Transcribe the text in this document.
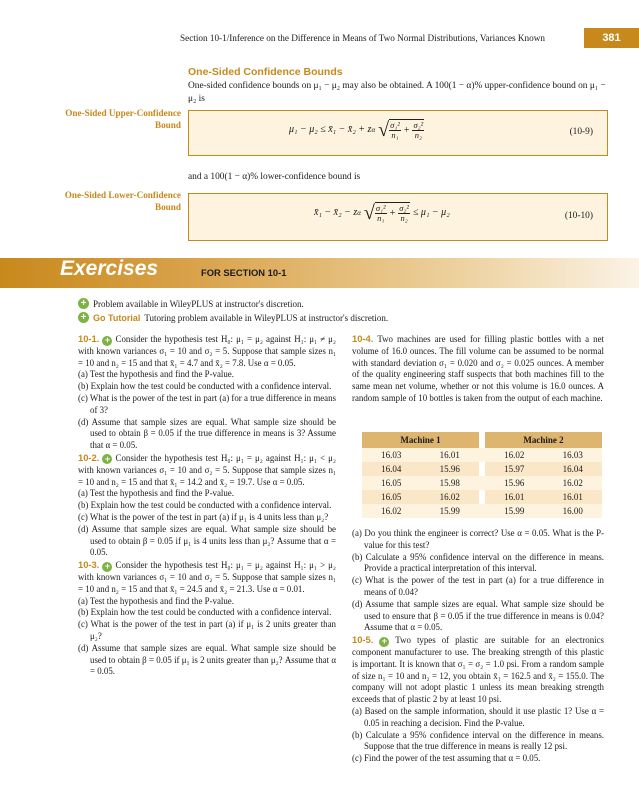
Section 10-1/Inference on the Difference in Means of Two Normal Distributions, Variances Known	381
One-Sided Confidence Bounds
One-sided confidence bounds on μ₁ − μ₂ may also be obtained. A 100(1 − α)% upper-confidence bound on μ₁ − μ₂ is
One-Sided Upper-Confidence Bound	μ₁ − μ₂ ≤ x̄₁ − x̄₂ + z α √ $\frac{\text{σ₁²}}{\text{n₁}} + \frac{\text{σ₂²}}{\text{n₂}}$	(10-9)
and a 100(1 − α)% lower-confidence bound is
One-Sided Lower-Confidence Bound
x̄₁ − x̄₂ − z α √ $\frac{\text{σ₁²}}{\text{n₁}} + \frac{\text{σ₂²}}{\text{n₂}} \le \mu_1 - \mu_2$	(10-10)
Exercises	FOR SECTION 10-1
+ Problem available in WileyPLUS at instructor's discretion.
+ Go Tutorial Tutoring problem available in WileyPLUS at instructor's discretion.

10-1. + Consider the hypothesis test H₀: μ₁ = μ₂ against H₁: μ₁ ≠ μ₂ with known variances σ₁ = 10 and σ₂ = 5. Suppose that sample sizes n₁ = 10 and n₂ = 15 and that x̄₁ = 4.7 and x̄₂ = 7.8. Use α = 0.05.

(a) Test the hypothesis and find the P-value.

(b) Explain how the test could be conducted with a confidence interval.

(c) What is the power of the test in part (a) for a true difference in means of 3?

(d) Assume that sample sizes are equal. What sample size should be used to obtain β = 0.05 if the true difference in means is 3? Assume that α = 0.05.

10-2. + Consider the hypothesis test H₀: μ₁ = μ₂ against H₁: μ₁ < μ₂ with known variances σ₁ = 10 and σ₂ = 5. Suppose that sample sizes n₁ = 10 and n₂ = 15 and that x̄₁ = 14.2 and x̄₂ = 19.7. Use α = 0.05.

(a) Test the hypothesis and find the P-value.

(b) Explain how the test could be conducted with a confidence interval.

(c) What is the power of the test in part (a) if μ₁ is 4 units less than μ₂?

(d) Assume that sample sizes are equal. What sample size should be used to obtain β = 0.05 if μ₁ is 4 units less than μ₂? Assume that α = 0.05.

10-3. + Consider the hypothesis test H₀: μ₁ = μ₂ against H₁: μ₁ > μ₂ with known variances σ₁ = 10 and σ₂ = 5. Suppose that sample sizes n₁ = 10 and n₂ = 15 and that x̄₁ = 24.5 and x̄₂ = 21.3. Use α = 0.01.

(a) Test the hypothesis and find the P-value.

(b) Explain how the test could be conducted with a confidence interval.

(c) What is the power of the test in part (a) if μ₁ is 2 units greater than μ₂?

(d) Assume that sample sizes are equal. What sample size should be used to obtain β = 0.05 if μ₁ is 2 units greater than μ₂? Assume that α = 0.05.

10-4. Two machines are used for filling plastic bottles with a net volume of 16.0 ounces. The fill volume can be assumed to be normal with standard deviation σ₁ = 0.020 and σ₂ = 0.025 ounces. A member of the quality engineering staff suspects that both machines fill to the same mean net volume, whether or not this volume is 16.0 ounces. A random sample of 10 bottles is taken from the output of each machine.

Machine 1			Machine 2	
16.03	16.01		16.02	16.03
16.04	15.96		15.97	16.04
16.05	15.98		15.96	16.02
16.05	16.02		16.01	16.01
16.02	15.99		15.99	16.00

(a) Do you think the engineer is correct? Use α = 0.05. What is the P-value for this test?

(b) Calculate a 95% confidence interval on the difference in means. Provide a practical interpretation of this interval.

(c) What is the power of the test in part (a) for a true difference in means of 0.04?

(d) Assume that sample sizes are equal. What sample size should be used to ensure that β = 0.05 if the true difference in means is 0.04? Assume that α = 0.05.

10-5. + Two types of plastic are suitable for an electronics component manufacturer to use. The breaking strength of this plastic is important. It is known that σ₁ = σ₂ = 1.0 psi. From a random sample of size n₁ = 10 and n₂ = 12, you obtain x̄₁ = 162.5 and x̄₂ = 155.0. The company will not adopt plastic 1 unless its mean breaking strength exceeds that of plastic 2 by at least 10 psi.

(a) Based on the sample information, should it use plastic 1? Use α = 0.05 in reaching a decision. Find the P-value.

(b) Calculate a 95% confidence interval on the difference in means. Suppose that the true difference in means is really 12 psi.

(c) Find the power of the test assuming that α = 0.05.
